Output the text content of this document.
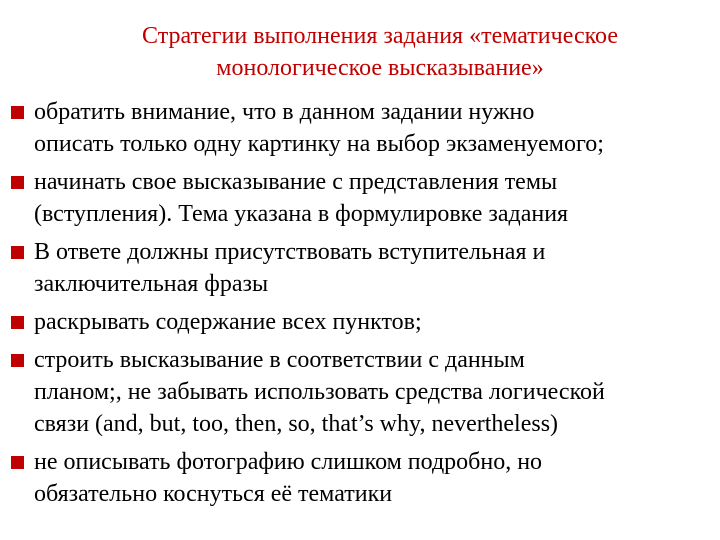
Стратегии выполнения задания «тематическое
монологическое высказывание»
обратить внимание, что в данном задании нужно
описать только одну картинку на выбор экзаменуемого;
начинать свое высказывание с представления темы
(вступления). Тема указана в формулировке задания
В ответе должны присутствовать вступительная и
заключительная фразы
раскрывать содержание всех пунктов;
строить высказывание в соответствии с данным
планом;, не забывать использовать средства логической
связи (and, but, too, then, so, that’s why, nevertheless)
не описывать фотографию слишком подробно, но
обязательно коснуться её тематики
